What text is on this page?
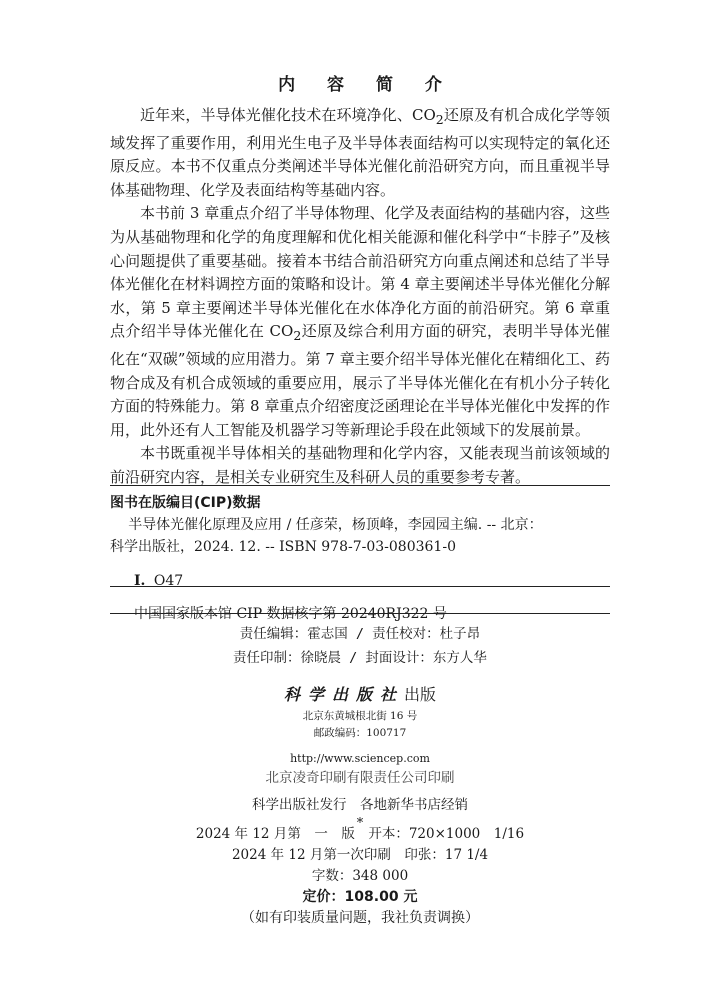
内 容 简 介

近年来，半导体光催化技术在环境净化、$CO_2$还原及有机合成化学等领域发挥了重要作用，利用光生电子及半导体表面结构可以实现特定的氧化还原反应。本书不仅重点分类阐述半导体光催化前沿研究方向，而且重视半导体基础物理、化学及表面结构等基础内容。

本书前 3 章重点介绍了半导体物理、化学及表面结构的基础内容，这些为从基础物理和化学的角度理解和优化相关能源和催化科学中“卡脖子”及核心问题提供了重要基础。接着本书结合前沿研究方向重点阐述和总结了半导体光催化在材料调控方面的策略和设计。第 4 章主要阐述半导体光催化分解水，第 5 章主要阐述半导体光催化在水体净化方面的前沿研究。第 6 章重点介绍半导体光催化在 $CO_2$还原及综合利用方面的研究，表明半导体光催化在“双碳”领域的应用潜力。第 7 章主要介绍半导体光催化在精细化工、药物合成及有机合成领域的重要应用，展示了半导体光催化在有机小分子转化方面的特殊能力。第 8 章重点介绍密度泛函理论在半导体光催化中发挥的作用，此外还有人工智能及机器学习等新理论手段在此领域下的发展前景。

本书既重视半导体相关的基础物理和化学内容，又能表现当前该领域的前沿研究内容，是相关专业研究生及科研人员的重要参考专著。

图书在版编目(CIP)数据
半导体光催化原理及应用 / 任彦荣，杨顶峰，李园园主编. -- 北京：
科学出版社，2024. 12. -- ISBN 978-7-03-080361-0
Ⅰ. O47
中国国家版本馆 CIP 数据核字第 20240RJ322 号
责任编辑：霍志国 / 责任校对：杜子昂
责任印制：徐晓晨 / 封面设计：东方人华
科学出版社出版
北京东黄城根北街 16 号
邮政编码：100717
http://www.sciencep.com
北京凌奇印刷有限责任公司印刷
科学出版社发行　各地新华书店经销
*
2024 年 12 月第　一　版　 开本：720×1000　1/16
2024 年 12 月第一次印刷　 印张：17 1/4
字数：348 000
定价：108.00 元
（如有印装质量问题，我社负责调换）
